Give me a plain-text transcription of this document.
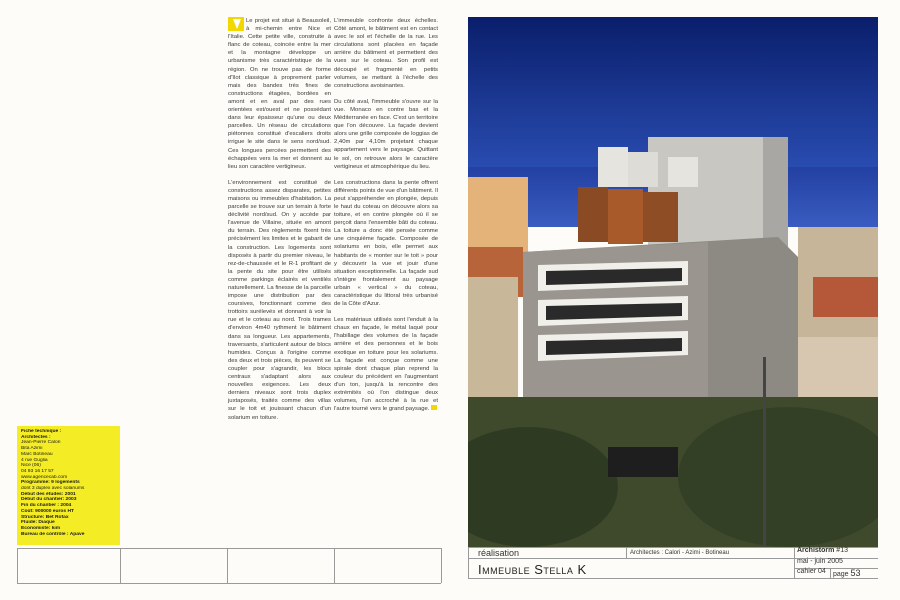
Le projet est situé à Beausoleil, à mi-chemin entre Nice et l'Italie. Cette petite ville, construite à flanc de coteau, coincée entre la mer et la montagne développe un urbanisme très caractéristique de la région. On ne trouve pas de forme d'îlot classique à proprement parler mais des bandes très fines de constructions étagées, bordées en amont et en aval par des rues orientées est/ouest et ne possédant dans leur épaisseur qu'une ou deux parcelles. Un réseau de circulations piétonnes constitué d'escaliers droits irrigue le site dans le sens nord/sud. Ces longues percées permettent des échappées vers la mer et donnent au lieu son caractère vertigineux.

L'environnement est constitué de constructions assez disparates, petites maisons ou immeubles d'habitation. La parcelle se trouve sur un terrain à forte déclivité nord/sud. On y accède par l'avenue de Villaine, située en amont du terrain. Des règlements fixent très précisément les limites et le gabarit de la construction. Les logements sont disposés à partir du premier niveau, le rez-de-chaussée et le R-1 profitant de la pente du site pour être utilisés comme parkings éclairés et ventilés naturellement. La finesse de la parcelle impose une distribution par des coursives, fonctionnant comme des trottoirs surélevés et donnant à voir la rue et le coteau au nord. Trois trames d'environ 4m40 rythment le bâtiment dans sa longueur. Les appartements, traversants, s'articulent autour de blocs humides. Conçus à l'origine comme des deux et trois pièces, ils peuvent se coupler pour s'agrandir, les blocs centraux s'adaptant alors aux nouvelles exigences. Les deux derniers niveaux sont trois duplex juxtaposés, traités comme des villas sur le toit et jouissant chacun d'un solarium en toiture.

L'immeuble confronte deux échelles. Côté amont, le bâtiment est en contact avec le sol et l'échelle de la rue. Les circulations sont placées en façade arrière du bâtiment et permettent des vues sur le coteau. Son profil est découpé et fragmenté en petits volumes, se mettant à l'échelle des constructions avoisinantes.

Du côté aval, l'immeuble s'ouvre sur la vue. Monaco en contre bas et la Méditerranée en face. C'est un territoire que l'on découvre. La façade devient alors une grille composée de loggias de 2,40m par 4,10m projetant chaque appartement vers le paysage. Quittant le sol, on retrouve alors le caractère vertigineux et atmosphérique du lieu.

Les constructions dans la pente offrent différents points de vue d'un bâtiment. Il peut s'appréhender en plongée, depuis le haut du coteau on découvre alors sa toiture, et en contre plongée où il se perçoit dans l'ensemble bâti du coteau. La toiture a donc été pensée comme une cinquième façade. Composée de solariums en bois, elle permet aux habitants de « monter sur le toit » pour y découvrir la vue et jouir d'une situation exceptionnelle. La façade sud s'intègre frontalement au paysage urbain « vertical » du coteau, caractéristique du littoral très urbanisé de la Côte d'Azur.

Les matériaux utilisés sont l'enduit à la chaux en façade, le métal laqué pour l'habillage des volumes de la façade arrière et des personnes et le bois exotique en toiture pour les solariums. La façade est conçue comme une spirale dont chaque plan reprend la couleur du précédent en l'augmentant d'un ton, jusqu'à la rencontre des extrémités où l'on distingue deux volumes, l'un accroché à la rue et l'autre tourné vers le grand paysage.

Fiche technique :
Architectes :
Jean-Pierre Calori
Bita Azimi
Marc Botineau
4 rue Guglia
Nice (06)
04 93 16 17 57
www.agencecab.com
Programme: 9 logements
dont 3 duplex avec solariums
Début des études: 2001
Début du chantier: 2003
Fin du chantier : 2004
Coût: 900000 euros HT
Structure: Bet Rofax
Fluide: Diaque
Economiste: kim
Bureau de contrôle : Apave
réalisation	Architectes : Calori - Azimi - Botineau
Immeuble Stella K
Archistorm #13
mai - juin 2005
cahier 04 page 53
